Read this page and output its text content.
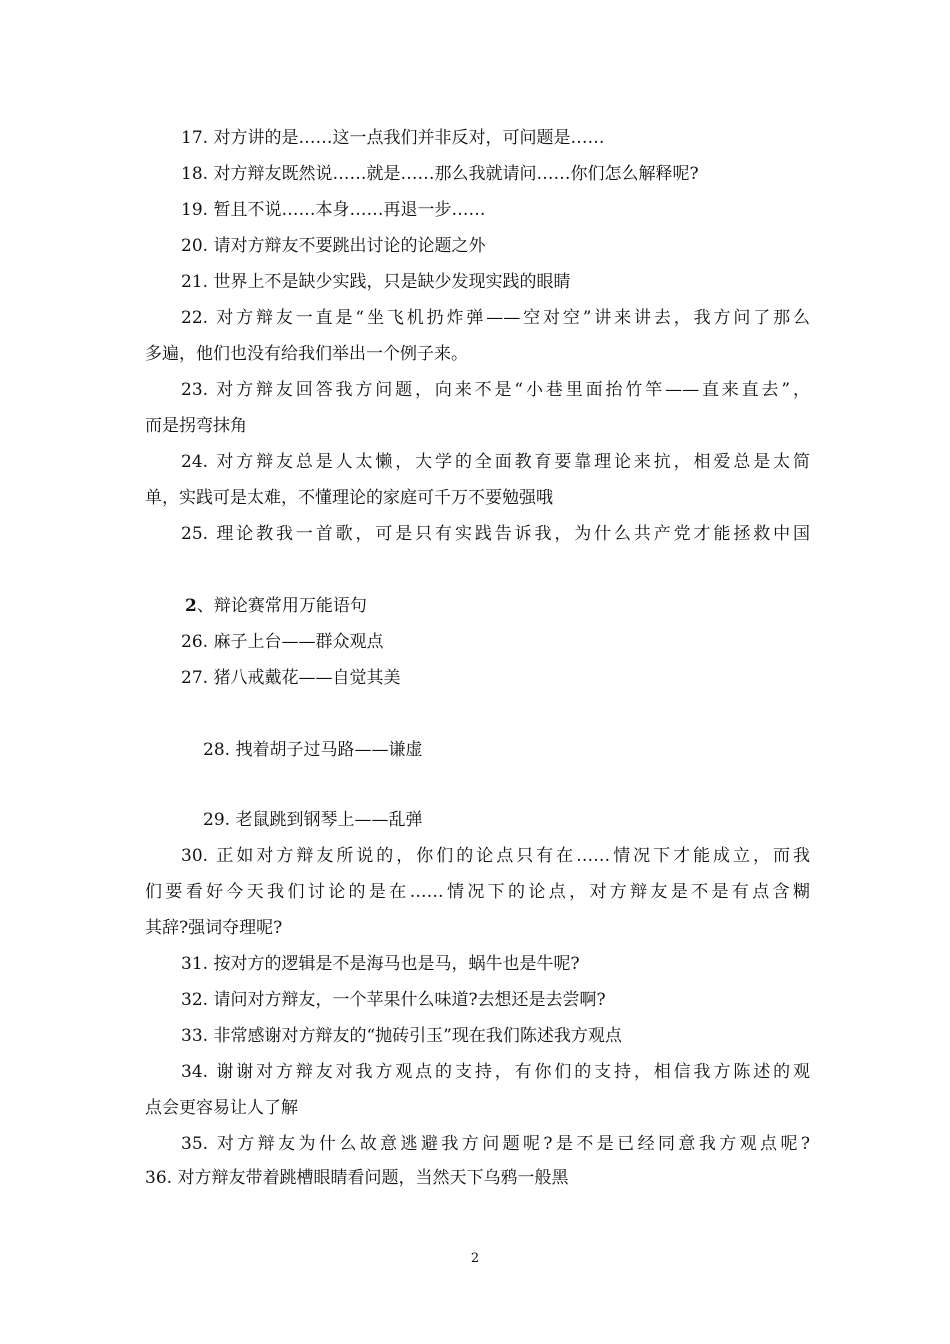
17. 对方讲的是……这一点我们并非反对，可问题是……
18. 对方辩友既然说……就是……那么我就请问……你们怎么解释呢?
19. 暂且不说……本身……再退一步……
20. 请对方辩友不要跳出讨论的论题之外
21. 世界上不是缺少实践，只是缺少发现实践的眼睛
22. 对方辩友一直是“坐飞机扔炸弹——空对空”讲来讲去，我方问了那么
多遍，他们也没有给我们举出一个例子来。
23. 对方辩友回答我方问题，向来不是“小巷里面抬竹竿——直来直去”，
而是拐弯抹角
24. 对方辩友总是人太懒，大学的全面教育要靠理论来抗，相爱总是太简
单，实践可是太难，不懂理论的家庭可千万不要勉强哦
25. 理论教我一首歌，可是只有实践告诉我，为什么共产党才能拯救中国
2、辩论赛常用万能语句
26. 麻子上台——群众观点
27. 猪八戒戴花——自觉其美
28. 拽着胡子过马路——谦虚
29. 老鼠跳到钢琴上——乱弹
30. 正如对方辩友所说的，你们的论点只有在……情况下才能成立，而我
们要看好今天我们讨论的是在……情况下的论点，对方辩友是不是有点含糊
其辞?强词夺理呢?
31. 按对方的逻辑是不是海马也是马，蜗牛也是牛呢?
32. 请问对方辩友，一个苹果什么味道?去想还是去尝啊?
33. 非常感谢对方辩友的“抛砖引玉”现在我们陈述我方观点
34. 谢谢对方辩友对我方观点的支持，有你们的支持，相信我方陈述的观
点会更容易让人了解
35. 对方辩友为什么故意逃避我方问题呢?是不是已经同意我方观点呢?
36. 对方辩友带着跳槽眼睛看问题，当然天下乌鸦一般黑
2
